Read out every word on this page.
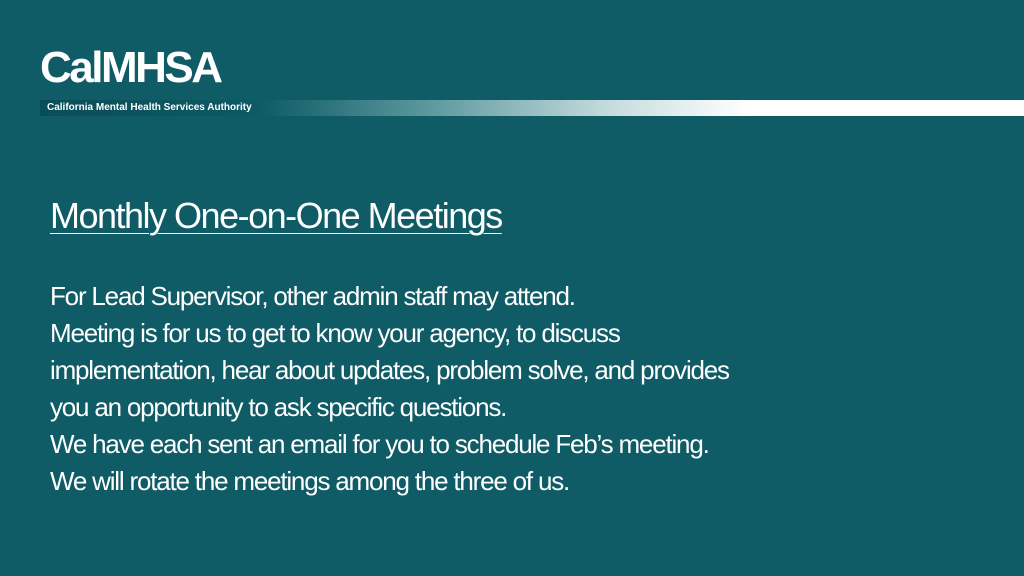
CalMHSA
California Mental Health Services Authority
Monthly One-on-One Meetings
For Lead Supervisor, other admin staff may attend.
Meeting is for us to get to know your agency, to discuss
implementation, hear about updates, problem solve, and provides
you an opportunity to ask specific questions.
We have each sent an email for you to schedule Feb’s meeting.
We will rotate the meetings among the three of us.
